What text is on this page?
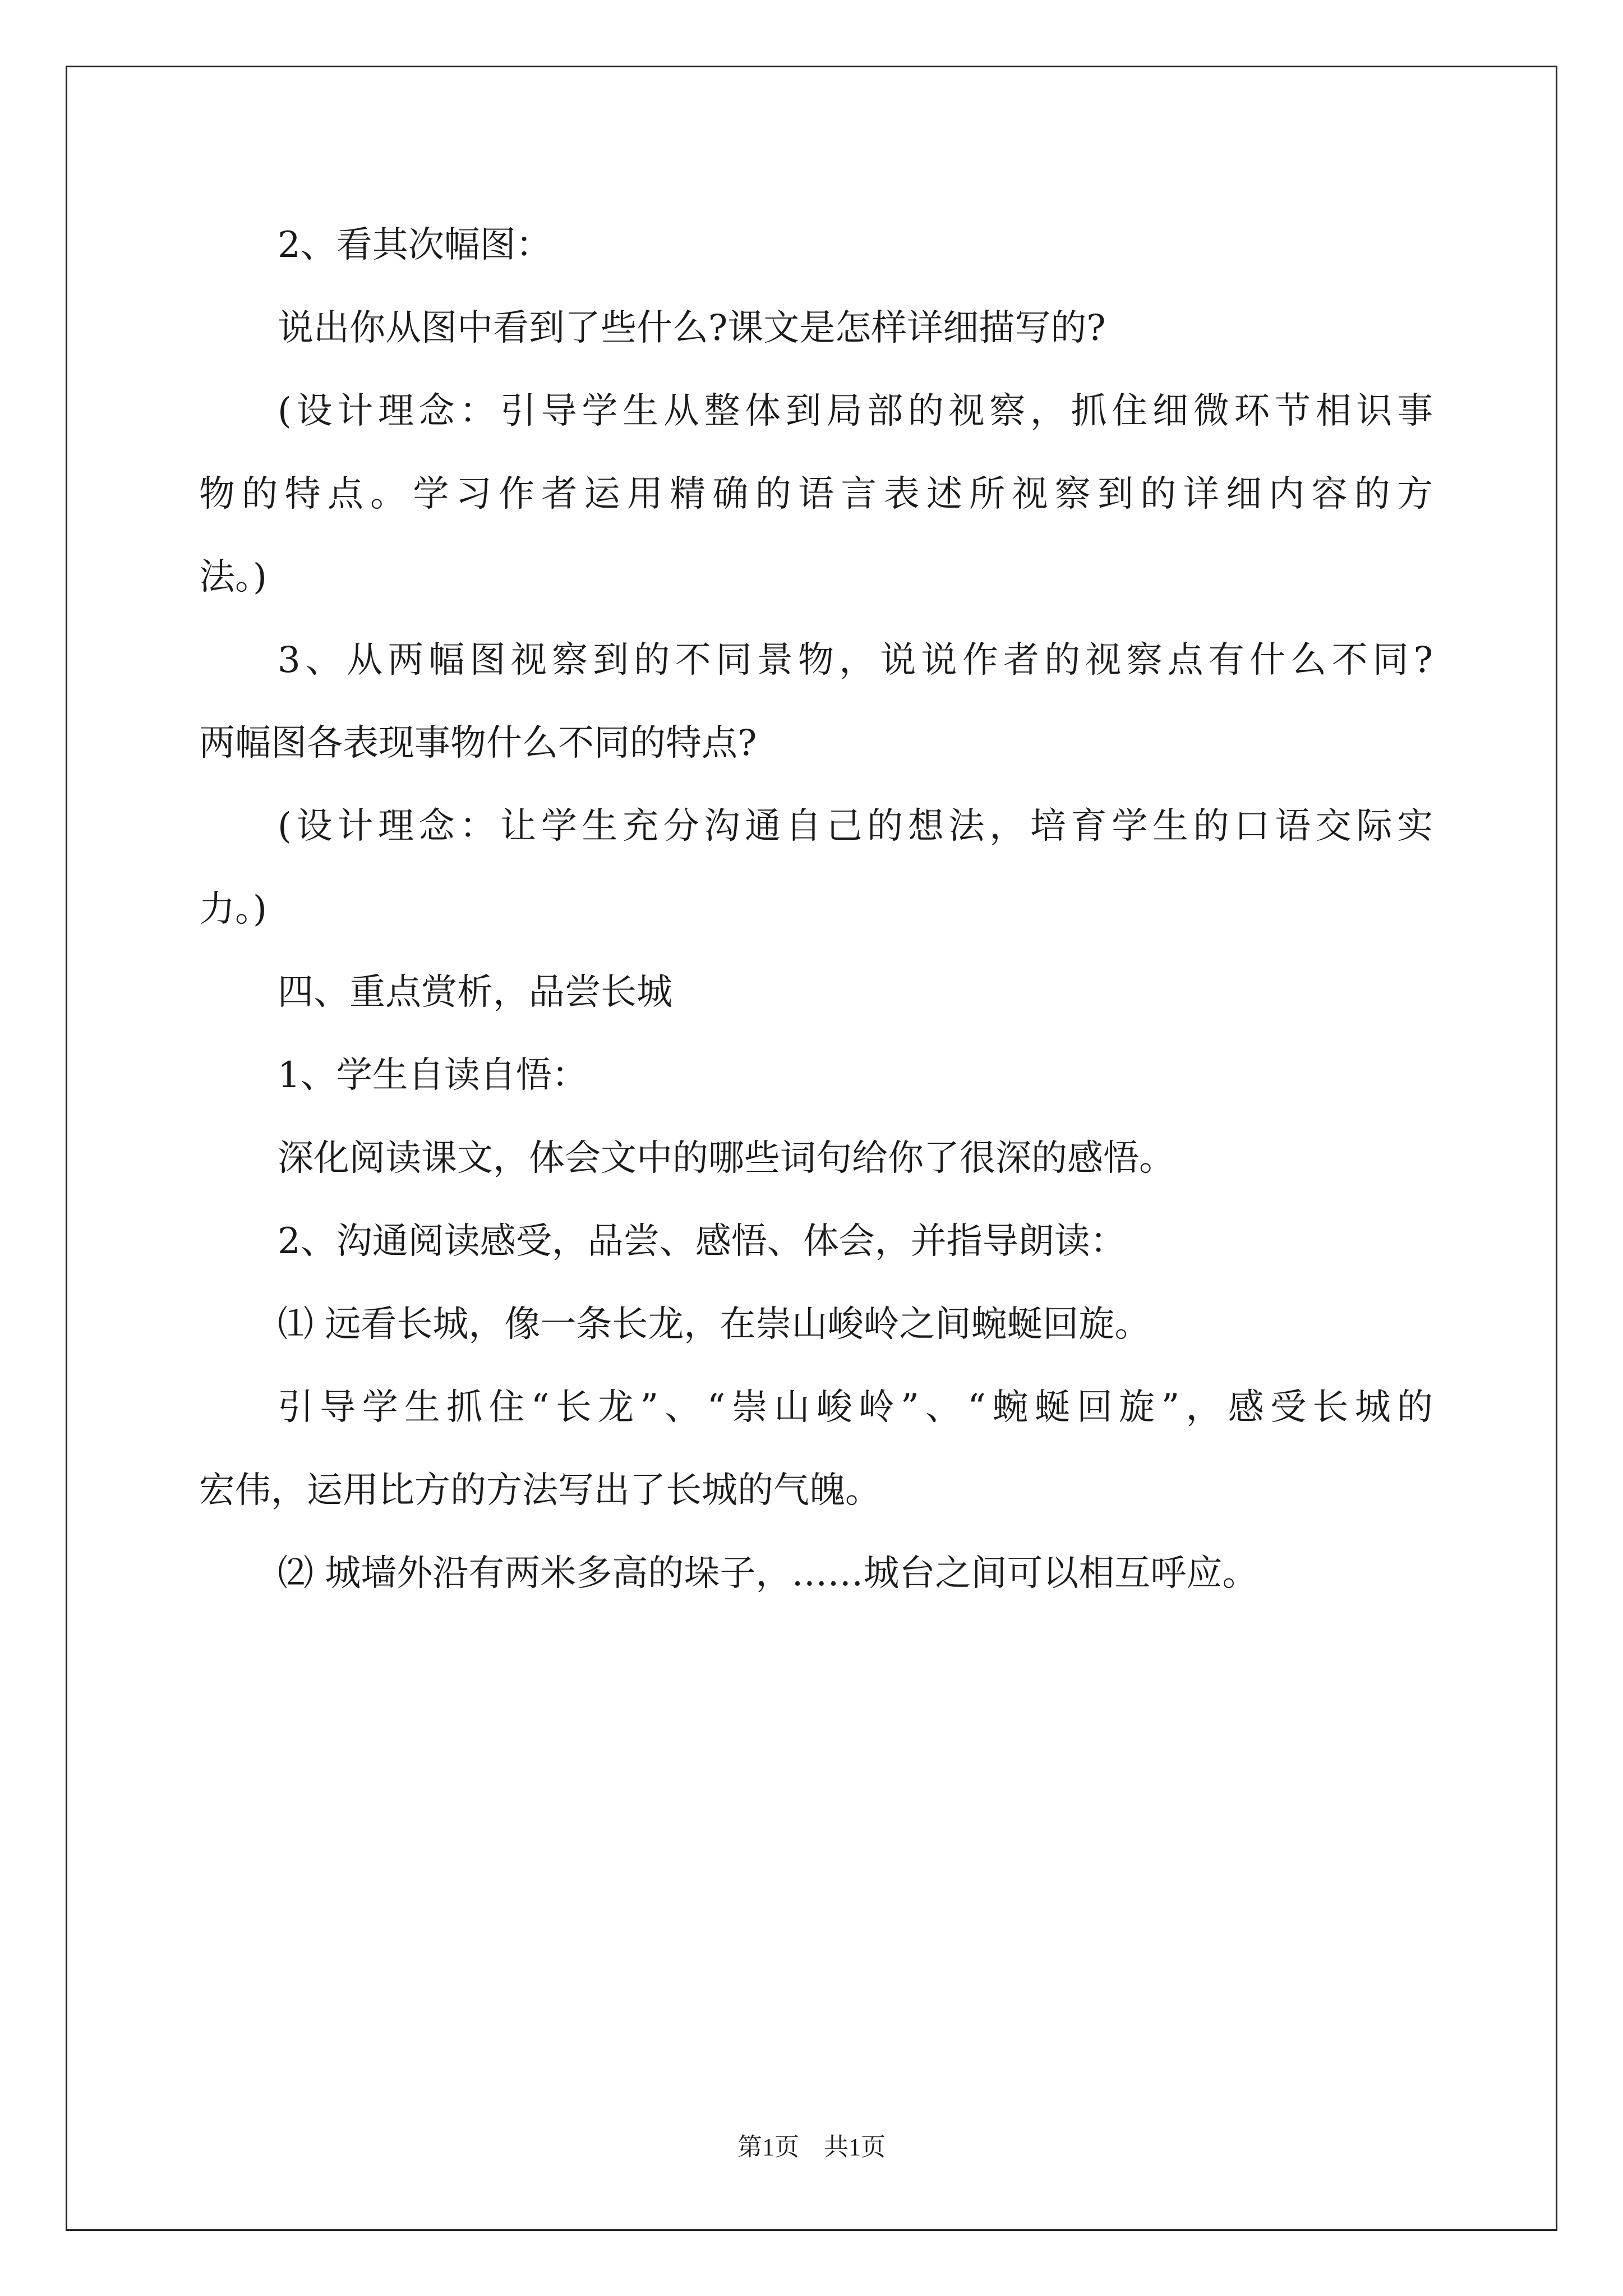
2、看其次幅图：

说出你从图中看到了些什么?课文是怎样详细描写的?

(设计理念：引导学生从整体到局部的视察，抓住细微环节相识事

物的特点。学习作者运用精确的语言表述所视察到的详细内容的方

法。)

3、从两幅图视察到的不同景物，说说作者的视察点有什么不同?

两幅图各表现事物什么不同的特点?

(设计理念：让学生充分沟通自己的想法，培育学生的口语交际实

力。)

四、重点赏析，品尝长城

1、学生自读自悟：

深化阅读课文，体会文中的哪些词句给你了很深的感悟。

2、沟通阅读感受，品尝、感悟、体会，并指导朗读：

⑴ 远看长城，像一条长龙，在崇山峻岭之间蜿蜒回旋。

引导学生抓住“长龙”、“崇山峻岭”、“蜿蜒回旋”，感受长城的

宏伟，运用比方的方法写出了长城的气魄。

⑵ 城墙外沿有两米多高的垛子，……城台之间可以相互呼应。

第1页　共1页
